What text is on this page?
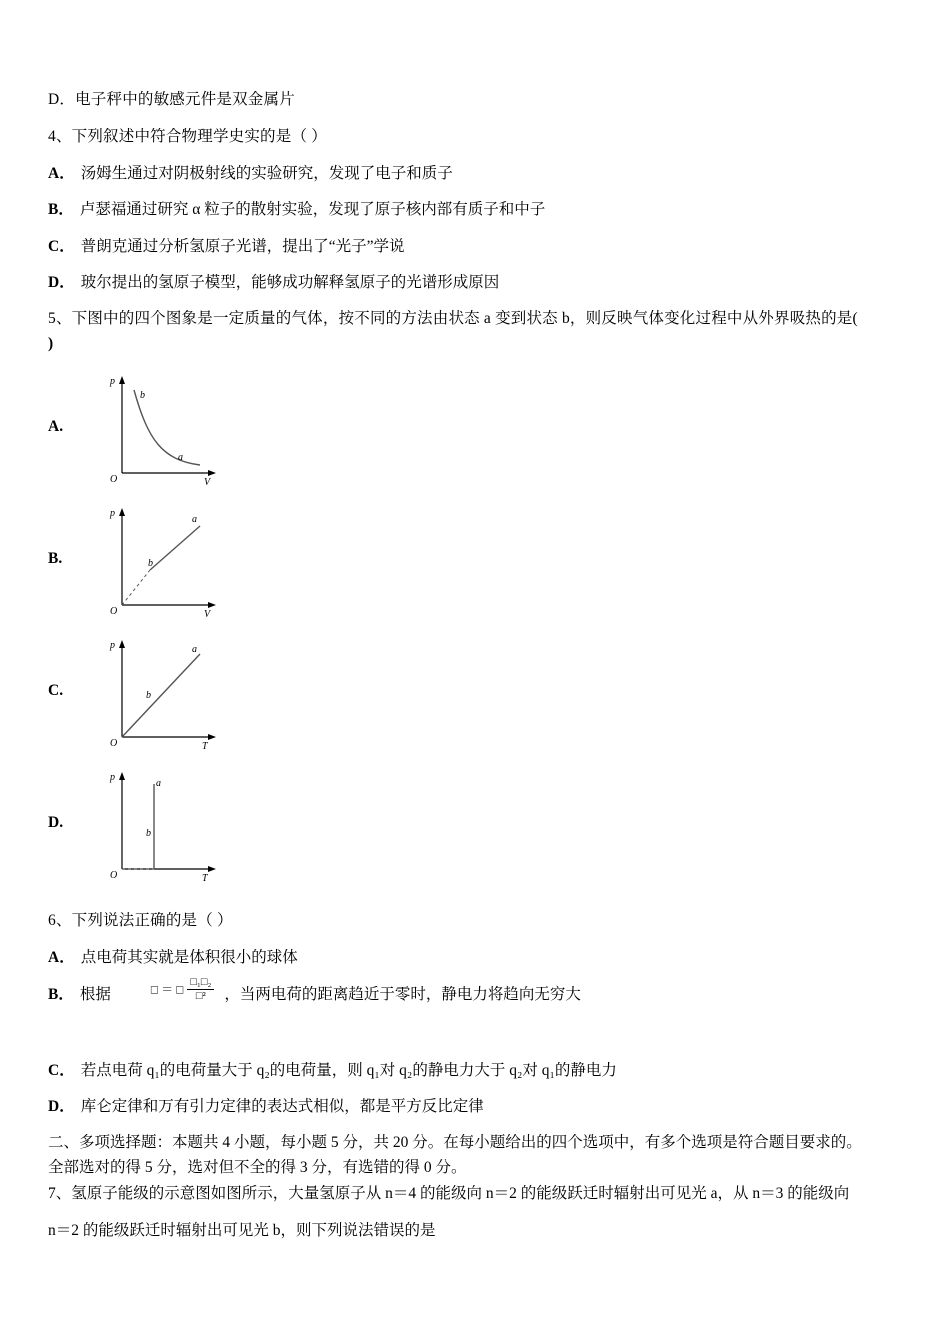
D．电子秤中的敏感元件是双金属片

4、下列叙述中符合物理学史实的是（ ）

A． 汤姆生通过对阴极射线的实验研究，发现了电子和质子

B． 卢瑟福通过研究 α 粒子的散射实验，发现了原子核内部有质子和中子

C． 普朗克通过分析氢原子光谱，提出了“光子”学说

D． 玻尔提出的氢原子模型，能够成功解释氢原子的光谱形成原因

5、下图中的四个图象是一定质量的气体，按不同的方法由状态 a 变到状态 b，则反映气体变化过程中从外界吸热的是(

)

A.
p
O	V
b
a
B.
p
O	V
b
a
C.
p
O	T
b
a
D.
p
O	T
b
a

6、下列说法正确的是（ ）

A． 点电荷其实就是体积很小的球体

B． 根据	□ ＝ □ $\frac{\text{□₁□₂}}{\text{□²}}$ ，当两电荷的距离趋近于零时，静电力将趋向无穷大

C． 若点电荷 q₁的电荷量大于 q₂的电荷量，则 q₁对 q₂的静电力大于 q₂对 q₁的静电力

D． 库仑定律和万有引力定律的表达式相似，都是平方反比定律

二、多项选择题：本题共 4 小题，每小题 5 分，共 20 分。在每小题给出的四个选项中，有多个选项是符合题目要求的。

全部选对的得 5 分，选对但不全的得 3 分，有选错的得 0 分。

7、氢原子能级的示意图如图所示，大量氢原子从 n＝4 的能级向 n＝2 的能级跃迁时辐射出可见光 a，从 n＝3 的能级向

n＝2 的能级跃迁时辐射出可见光 b，则下列说法错误的是
